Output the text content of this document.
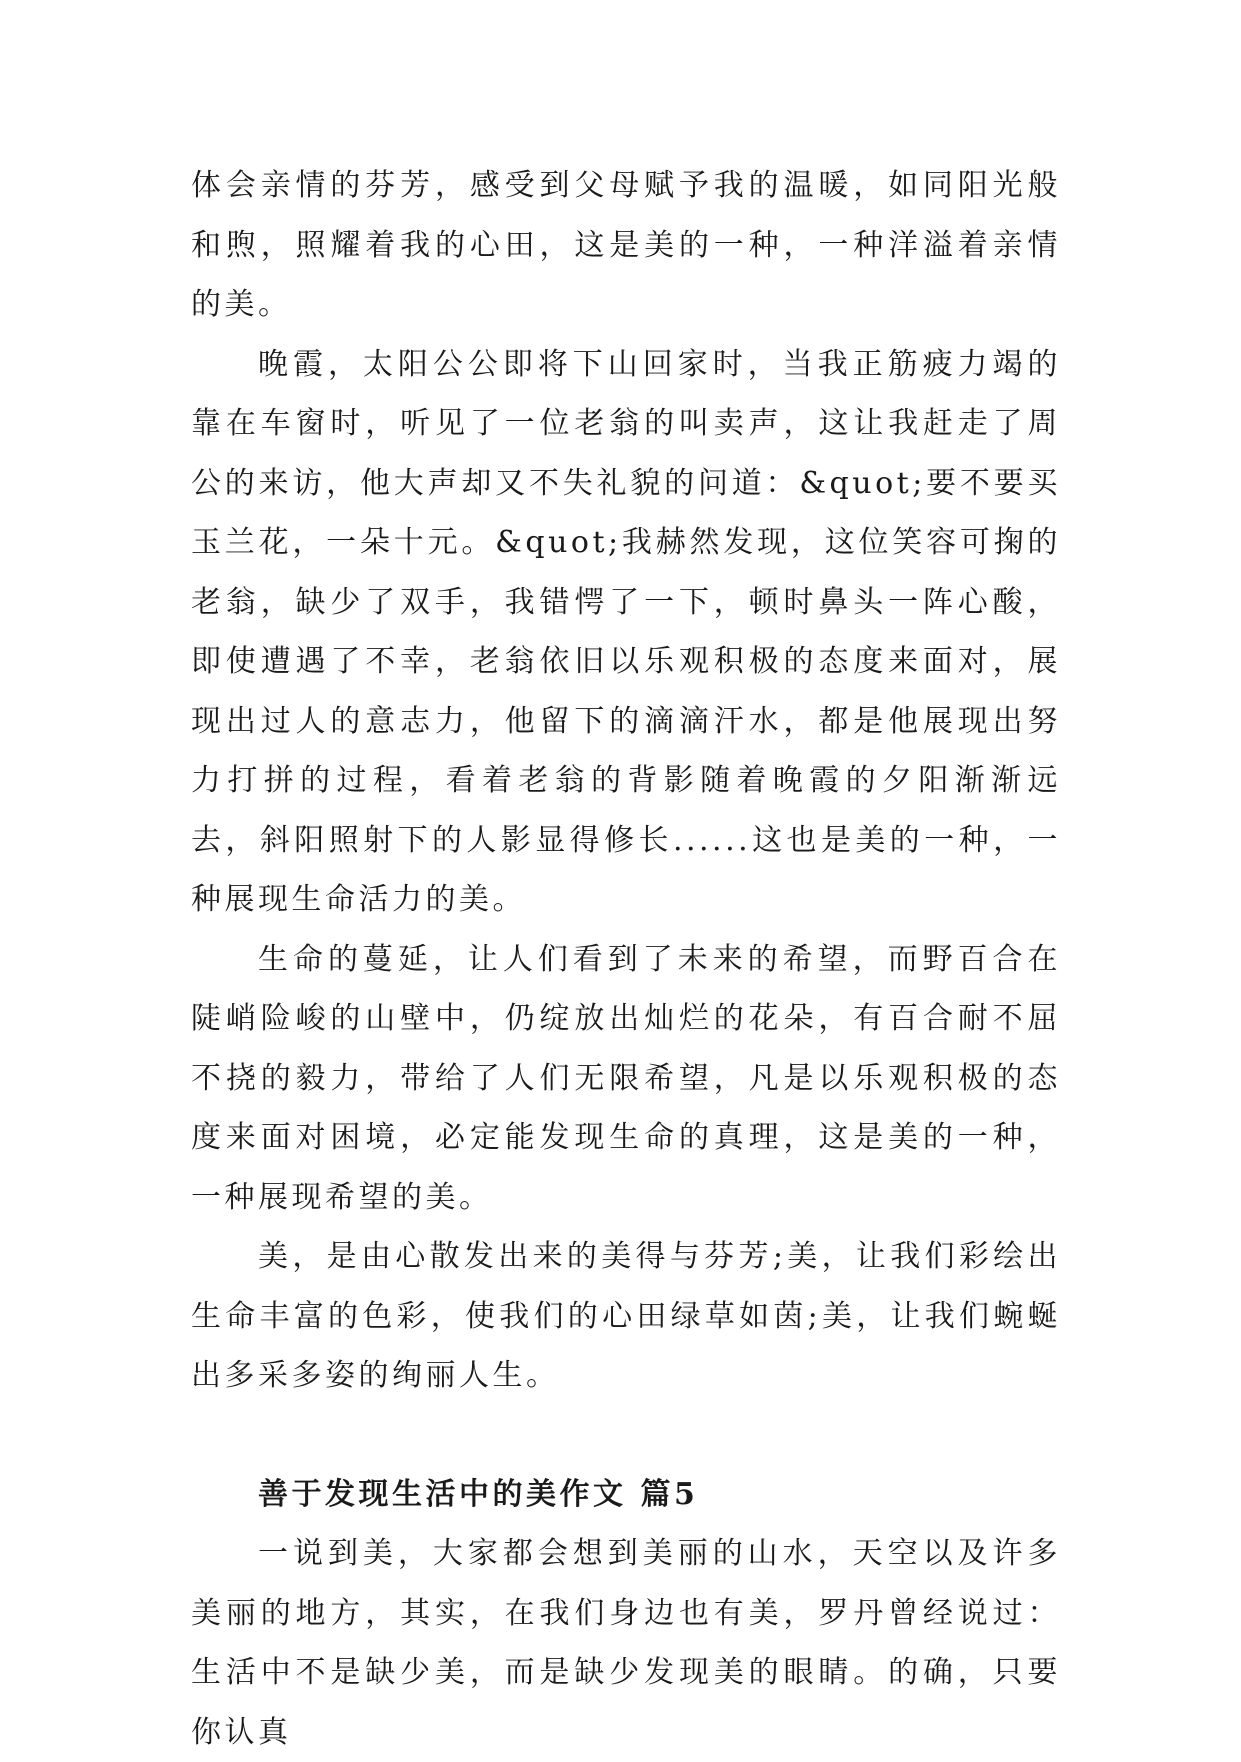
体会亲情的芬芳，感受到父母赋予我的温暖，如同阳光般和煦，照耀着我的心田，这是美的一种，一种洋溢着亲情的美。

晚霞，太阳公公即将下山回家时，当我正筋疲力竭的靠在车窗时，听见了一位老翁的叫卖声，这让我赶走了周公的来访，他大声却又不失礼貌的问道：&quot;要不要买玉兰花，一朵十元。&quot;我赫然发现，这位笑容可掬的老翁，缺少了双手，我错愕了一下，顿时鼻头一阵心酸，即使遭遇了不幸，老翁依旧以乐观积极的态度来面对，展现出过人的意志力，他留下的滴滴汗水，都是他展现出努力打拼的过程，看着老翁的背影随着晚霞的夕阳渐渐远去，斜阳照射下的人影显得修长......这也是美的一种，一种展现生命活力的美。

生命的蔓延，让人们看到了未来的希望，而野百合在陡峭险峻的山壁中，仍绽放出灿烂的花朵，有百合耐不屈不挠的毅力，带给了人们无限希望，凡是以乐观积极的态度来面对困境，必定能发现生命的真理，这是美的一种，一种展现希望的美。

美，是由心散发出来的美得与芬芳;美，让我们彩绘出生命丰富的色彩，使我们的心田绿草如茵;美，让我们蜿蜒出多采多姿的绚丽人生。

善于发现生活中的美作文 篇5

一说到美，大家都会想到美丽的山水，天空以及许多美丽的地方，其实，在我们身边也有美，罗丹曾经说过：生活中不是缺少美，而是缺少发现美的眼睛。的确，只要你认真
